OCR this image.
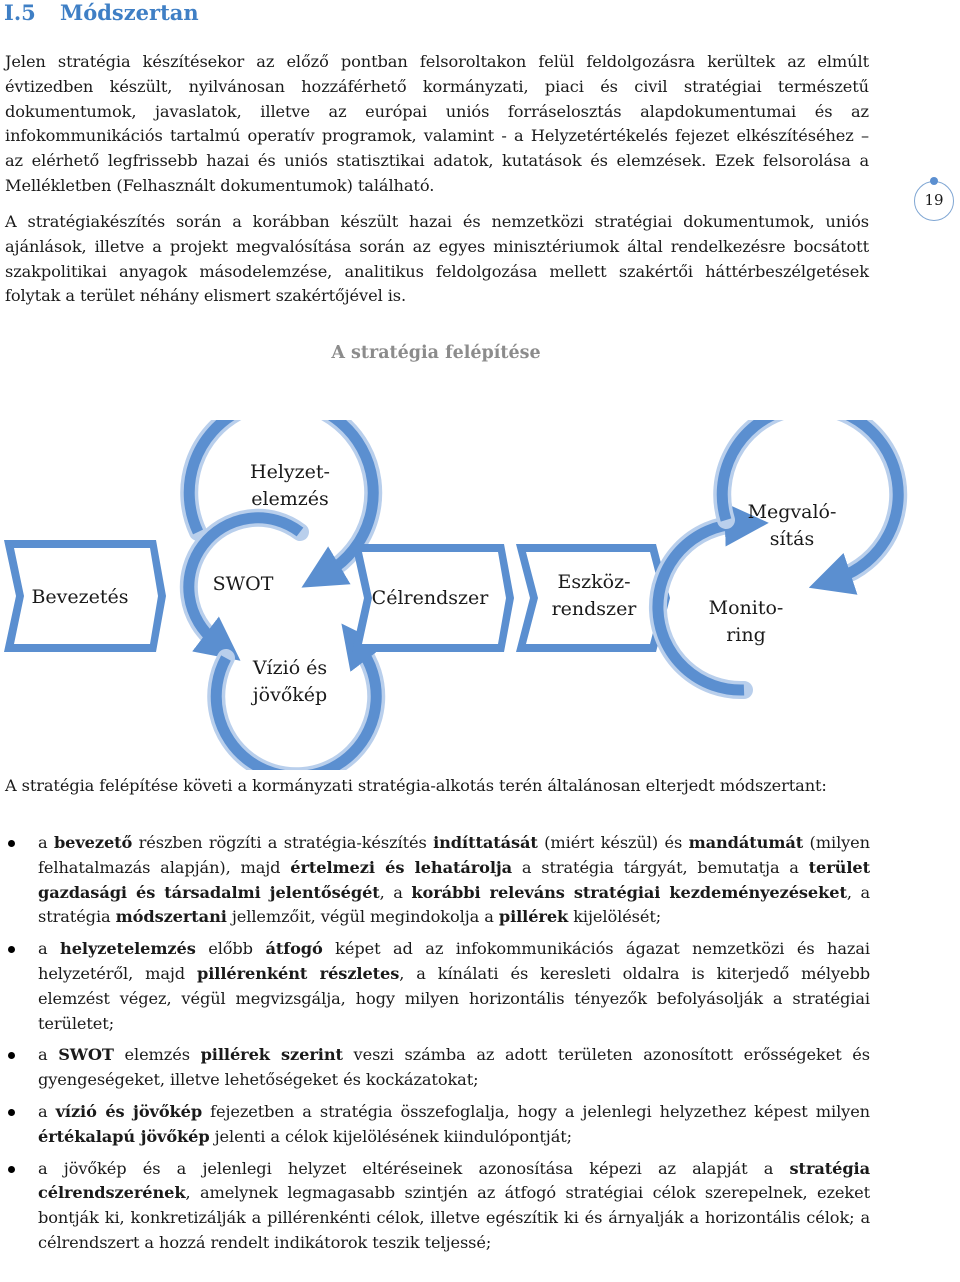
I.5 Módszertan

Jelen stratégia készítésekor az előző pontban felsoroltakon felül feldolgozásra kerültek az elmúlt évtizedben készült, nyilvánosan hozzáférhető kormányzati, piaci és civil stratégiai természetű dokumentumok, javaslatok, illetve az európai uniós forráselosztás alapdokumentumai és az infokommunikációs tartalmú operatív programok, valamint - a Helyzetértékelés fejezet elkészítéséhez – az elérhető legfrissebb hazai és uniós statisztikai adatok, kutatások és elemzések. Ezek felsorolása a Mellékletben (Felhasznált dokumentumok) található.

19

A stratégiakészítés során a korábban készült hazai és nemzetközi stratégiai dokumentumok, uniós ajánlások, illetve a projekt megvalósítása során az egyes minisztériumok által rendelkezésre bocsátott szakpolitikai anyagok másodelemzése, analitikus feldolgozása mellett szakértői háttérbeszélgetések folytak a terület néhány elismert szakértőjével is.

A stratégia felépítése
Bevezetés
Helyzet-
elemzés
SWOT
Vízió és
jövőkép
Célrendszer
Eszköz-
rendszer	Monito-
ring
Megvaló-
sítás

A stratégia felépítése követi a kormányzati stratégia-alkotás terén általánosan elterjedt módszertant:

a bevezető részben rögzíti a stratégia-készítés indíttatását (miért készül) és mandátumát (milyen felhatalmazás alapján), majd értelmezi és lehatárolja a stratégia tárgyát, bemutatja a terület gazdasági és társadalmi jelentőségét, a korábbi releváns stratégiai kezdeményezéseket, a stratégia módszertani jellemzőit, végül megindokolja a pillérek kijelölését;
a helyzetelemzés előbb átfogó képet ad az infokommunikációs ágazat nemzetközi és hazai helyzetéről, majd pillérenként részletes, a kínálati és keresleti oldalra is kiterjedő mélyebb elemzést végez, végül megvizsgálja, hogy milyen horizontális tényezők befolyásolják a stratégiai területet;
a SWOT elemzés pillérek szerint veszi számba az adott területen azonosított erősségeket és gyengeségeket, illetve lehetőségeket és kockázatokat;
a vízió és jövőkép fejezetben a stratégia összefoglalja, hogy a jelenlegi helyzethez képest milyen értékalapú jövőkép jelenti a célok kijelölésének kiindulópontját;
a jövőkép és a jelenlegi helyzet eltéréseinek azonosítása képezi az alapját a stratégia célrendszerének, amelynek legmagasabb szintjén az átfogó stratégiai célok szerepelnek, ezeket bontják ki, konkretizálják a pillérenkénti célok, illetve egészítik ki és árnyalják a horizontális célok; a célrendszert a hozzá rendelt indikátorok teszik teljessé;
